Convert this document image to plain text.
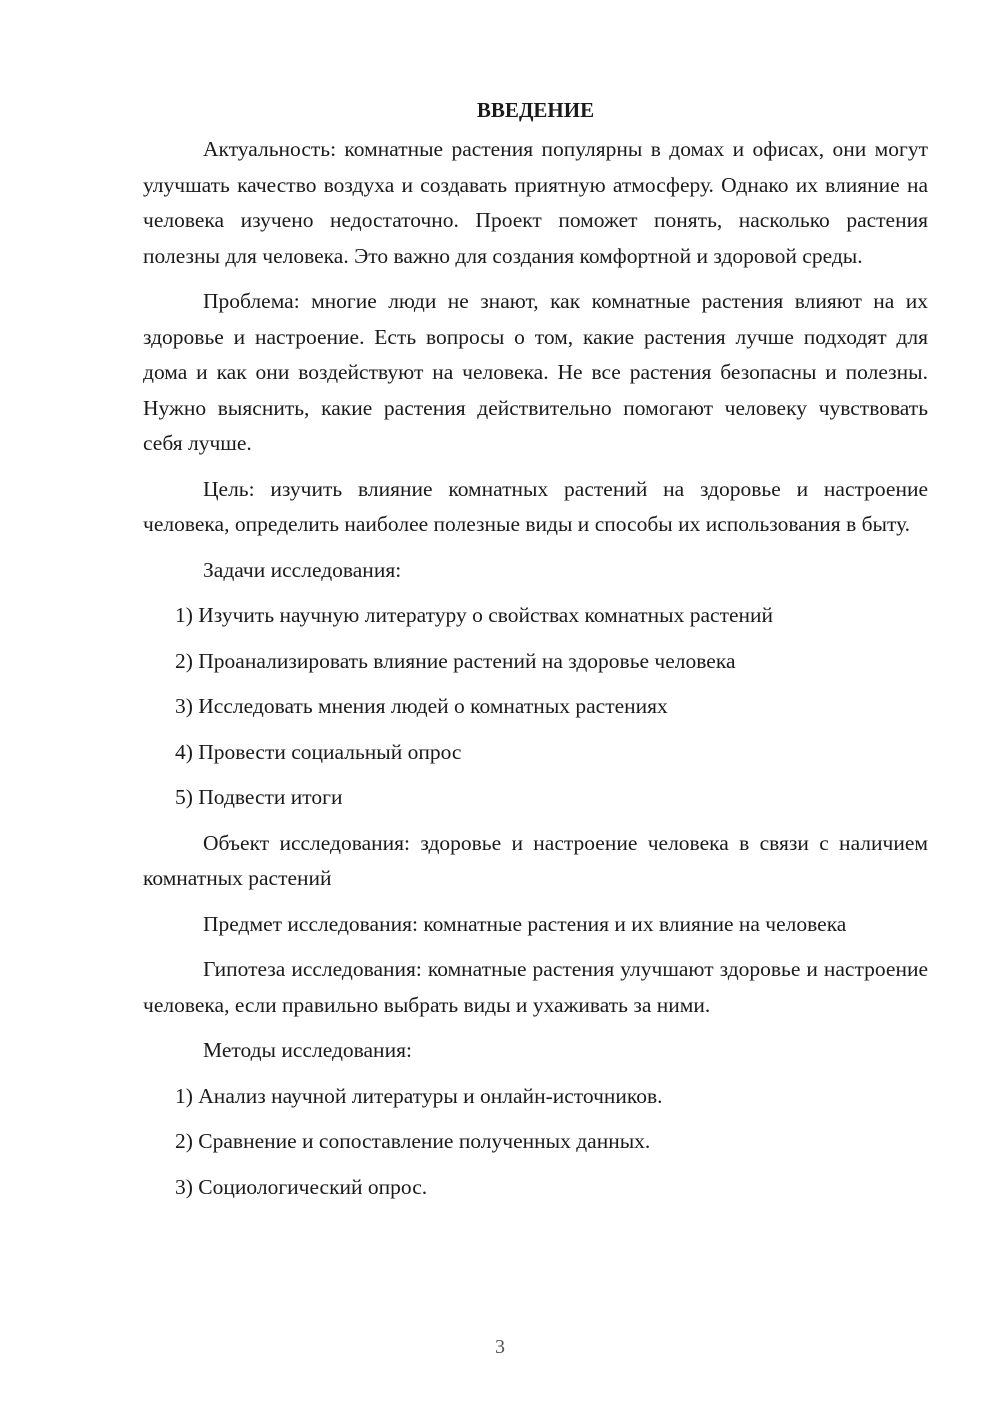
ВВЕДЕНИЕ

Актуальность: комнатные растения популярны в домах и офисах, они могут улучшать качество воздуха и создавать приятную атмосферу. Однако их влияние на человека изучено недостаточно. Проект поможет понять, насколько растения полезны для человека. Это важно для создания комфортной и здоровой среды.

Проблема: многие люди не знают, как комнатные растения влияют на их здоровье и настроение. Есть вопросы о том, какие растения лучше подходят для дома и как они воздействуют на человека. Не все растения безопасны и полезны. Нужно выяснить, какие растения действительно помогают человеку чувствовать себя лучше.

Цель: изучить влияние комнатных растений на здоровье и настроение человека, определить наиболее полезные виды и способы их использования в быту.

Задачи исследования:

1) Изучить научную литературу о свойствах комнатных растений
2) Проанализировать влияние растений на здоровье человека
3) Исследовать мнения людей о комнатных растениях
4) Провести социальный опрос
5) Подвести итоги

Объект исследования: здоровье и настроение человека в связи с наличием комнатных растений

Предмет исследования: комнатные растения и их влияние на человека

Гипотеза исследования: комнатные растения улучшают здоровье и настроение человека, если правильно выбрать виды и ухаживать за ними.

Методы исследования:

1) Анализ научной литературы и онлайн-источников.
2) Сравнение и сопоставление полученных данных.
3) Социологический опрос.
3
